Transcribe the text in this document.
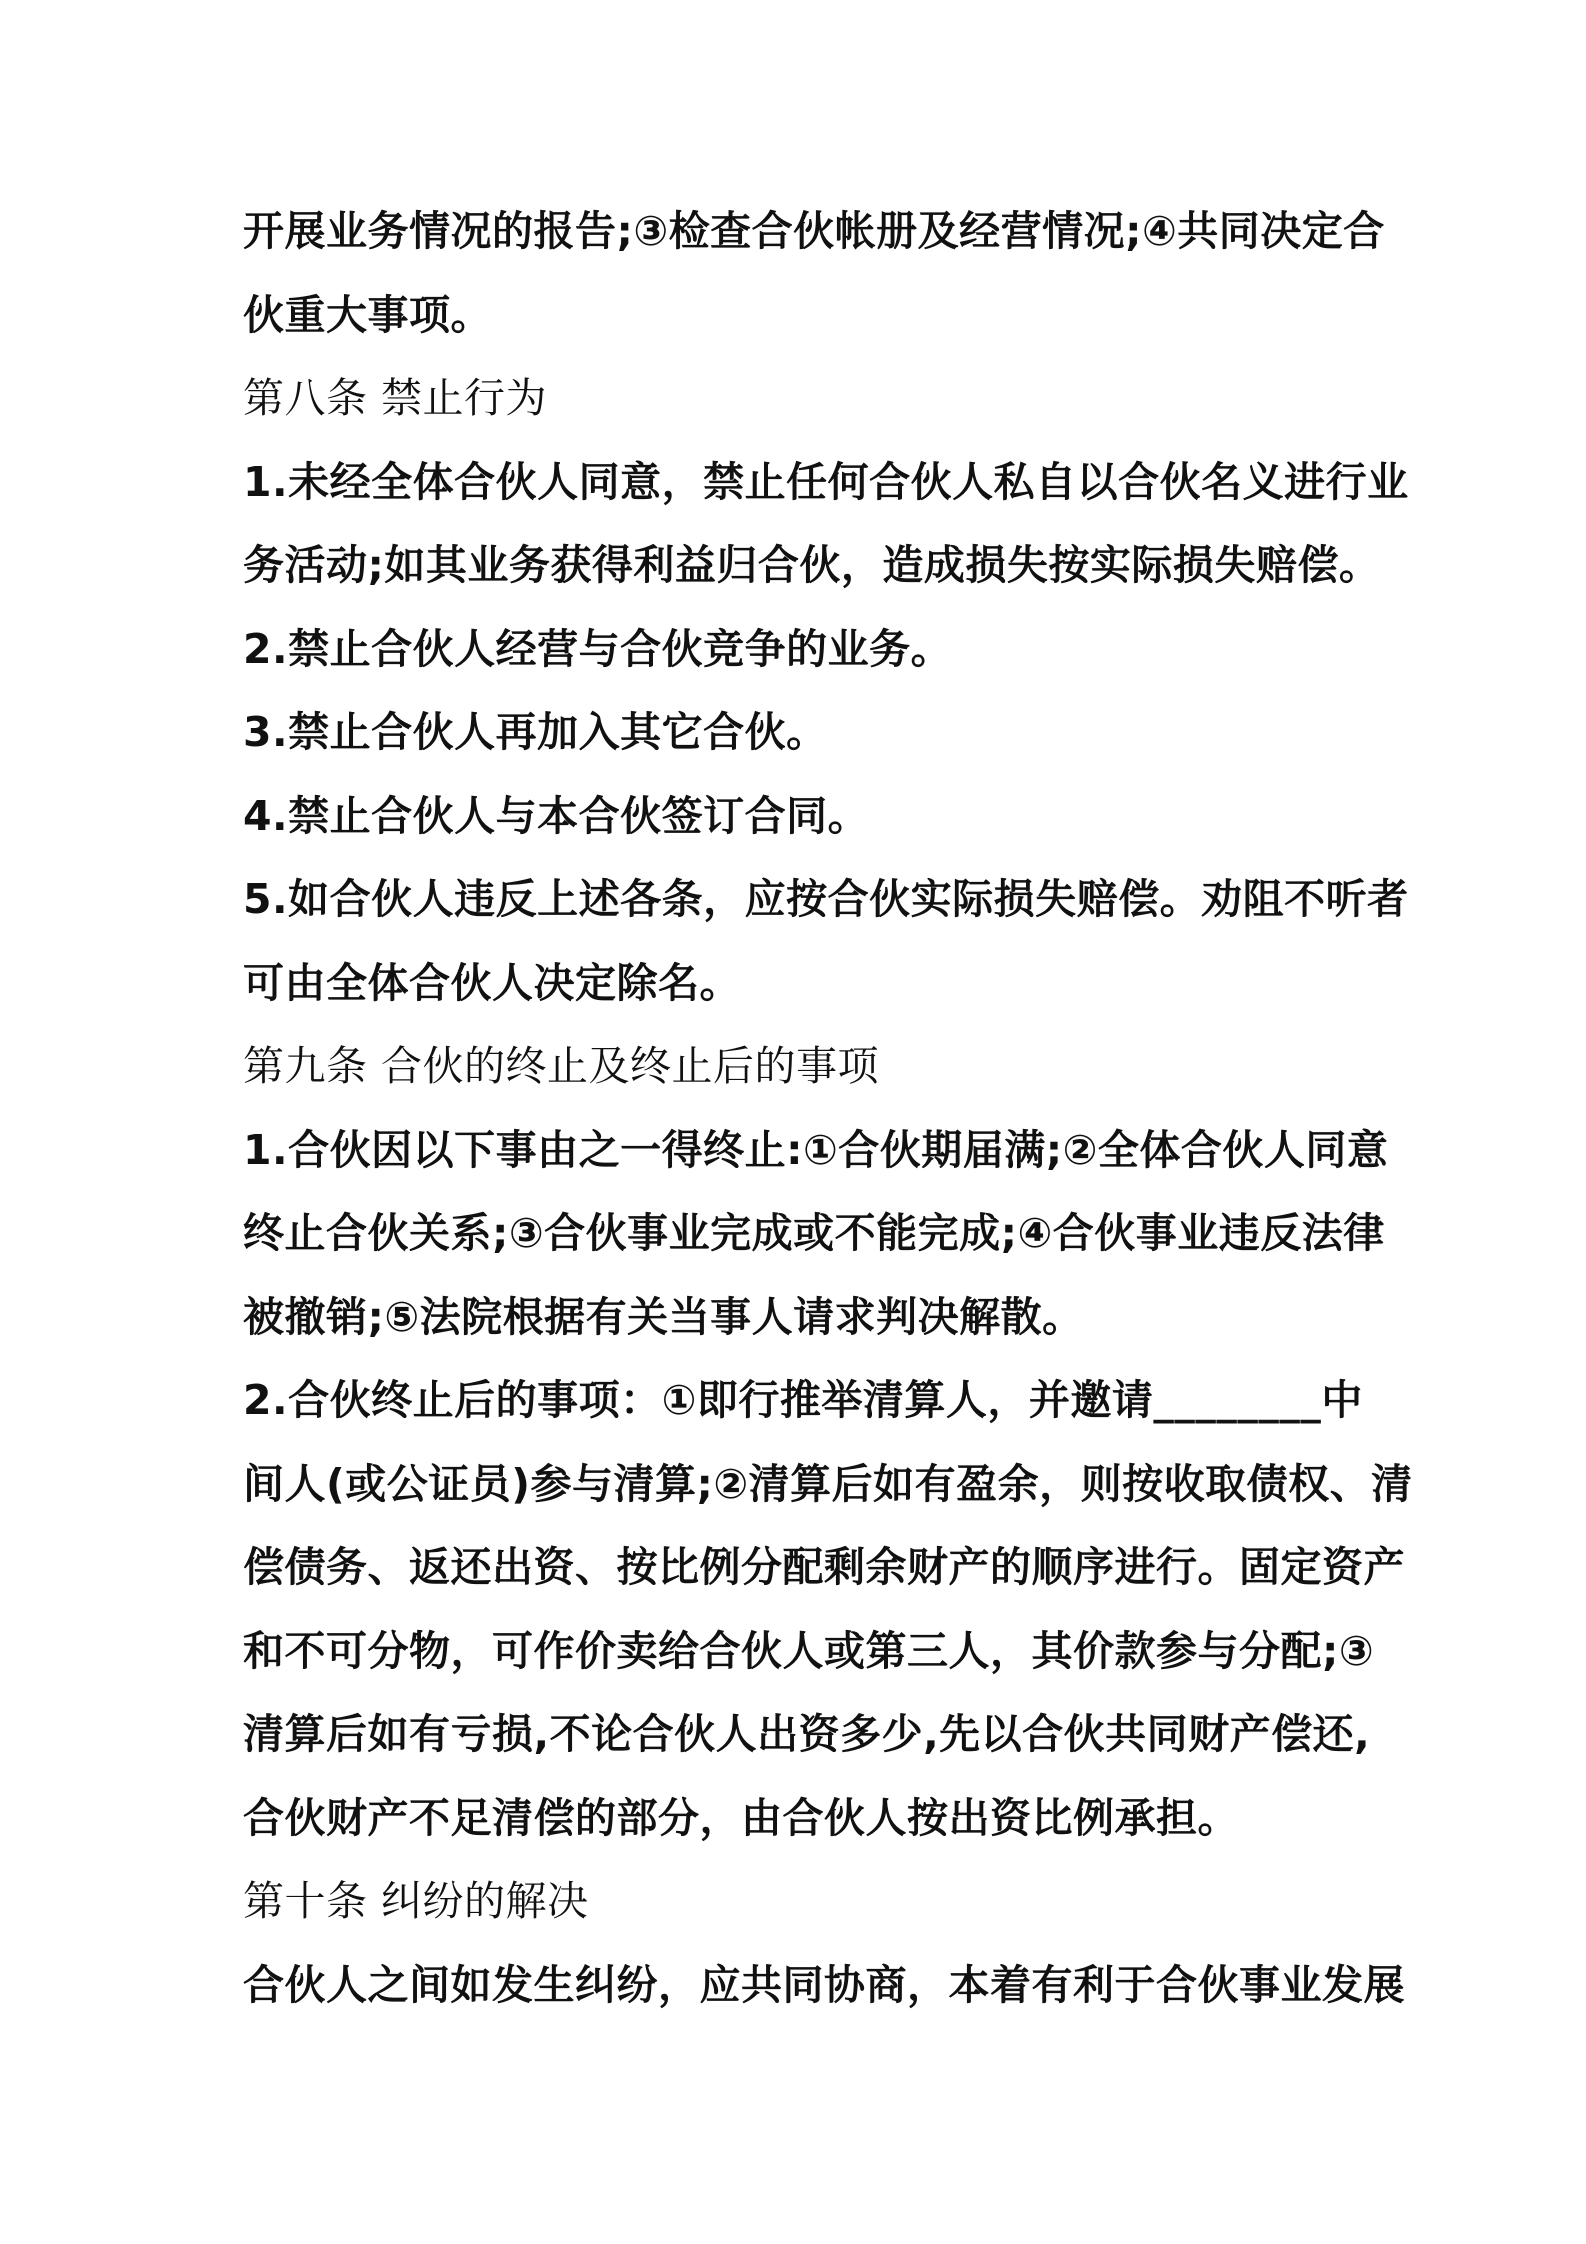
开展业务情况的报告;③检查合伙帐册及经营情况;④共同决定合
伙重大事项。
第八条 禁止行为
1.未经全体合伙人同意，禁止任何合伙人私自以合伙名义进行业
务活动;如其业务获得利益归合伙，造成损失按实际损失赔偿。
2.禁止合伙人经营与合伙竞争的业务。
3.禁止合伙人再加入其它合伙。
4.禁止合伙人与本合伙签订合同。
5.如合伙人违反上述各条，应按合伙实际损失赔偿。劝阻不听者
可由全体合伙人决定除名。
第九条 合伙的终止及终止后的事项
1.合伙因以下事由之一得终止:①合伙期届满;②全体合伙人同意
终止合伙关系;③合伙事业完成或不能完成;④合伙事业违反法律
被撤销;⑤法院根据有关当事人请求判决解散。
2.合伙终止后的事项：①即行推举清算人，并邀请________中
间人(或公证员)参与清算;②清算后如有盈余，则按收取债权、清
偿债务、返还出资、按比例分配剩余财产的顺序进行。固定资产
和不可分物，可作价卖给合伙人或第三人，其价款参与分配;③
清算后如有亏损,不论合伙人出资多少,先以合伙共同财产偿还,
合伙财产不足清偿的部分，由合伙人按出资比例承担。
第十条 纠纷的解决
合伙人之间如发生纠纷，应共同协商，本着有利于合伙事业发展
